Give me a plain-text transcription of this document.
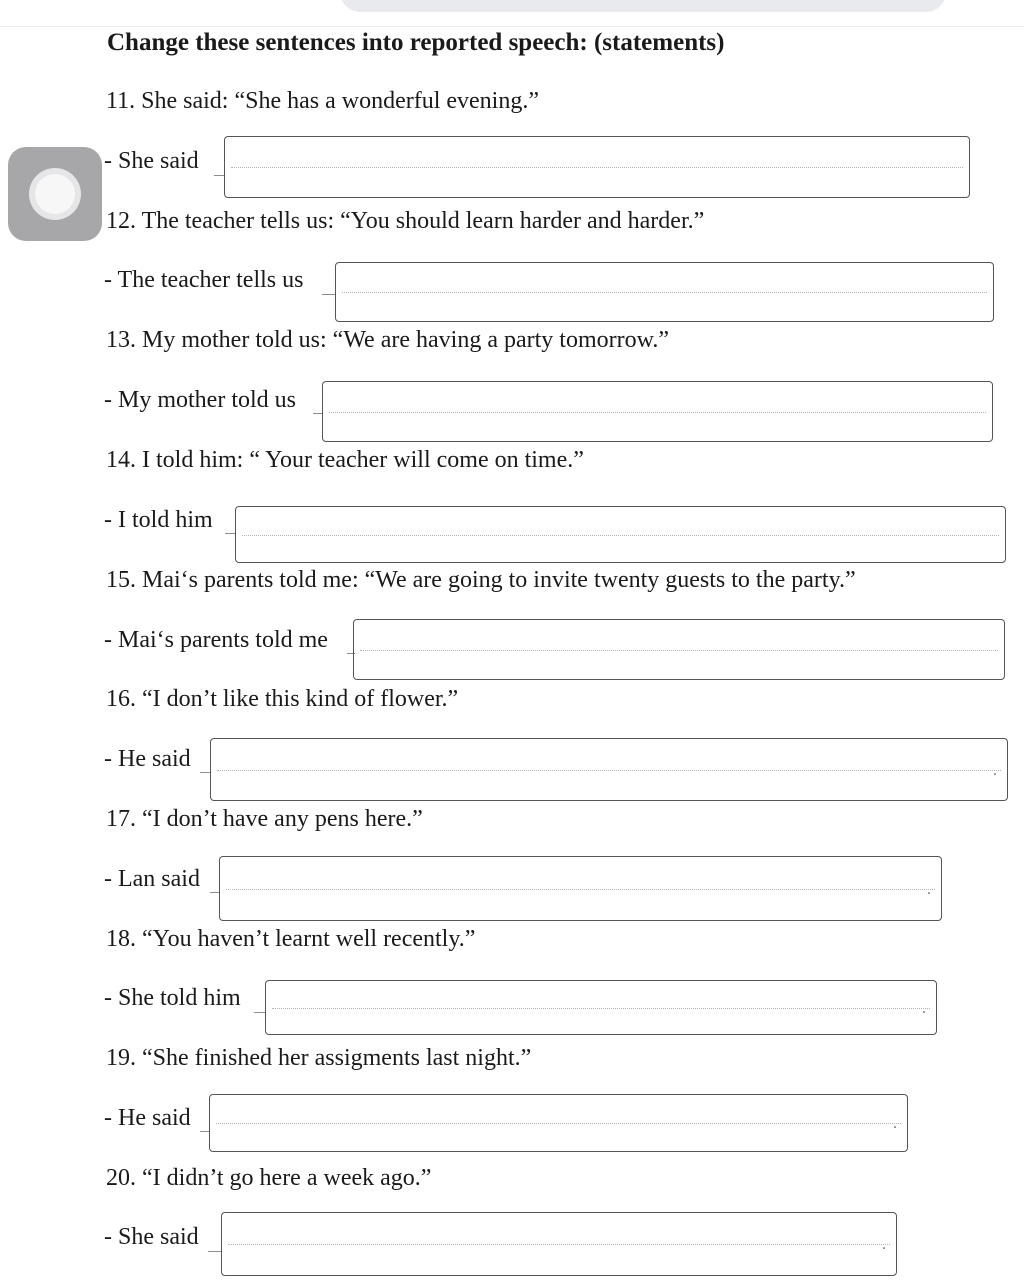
Change these sentences into reported speech: (statements)
11. She said: “She has a wonderful evening.”
- She said
12. The teacher tells us: “You should learn harder and harder.”
- The teacher tells us
13. My mother told us: “We are having a party tomorrow.”
- My mother told us
14. I told him: “ Your teacher will come on time.”
- I told him
15. Mai‘s parents told me: “We are going to invite twenty guests to the party.”
- Mai‘s parents told me
16. “I don’t like this kind of flower.”
- He said	.
17. “I don’t have any pens here.”
- Lan said	.
18. “You haven’t learnt well recently.”
- She told him	.
19. “She finished her assigments last night.”
- He said	.
20. “I didn’t go here a week ago.”
- She said	.
